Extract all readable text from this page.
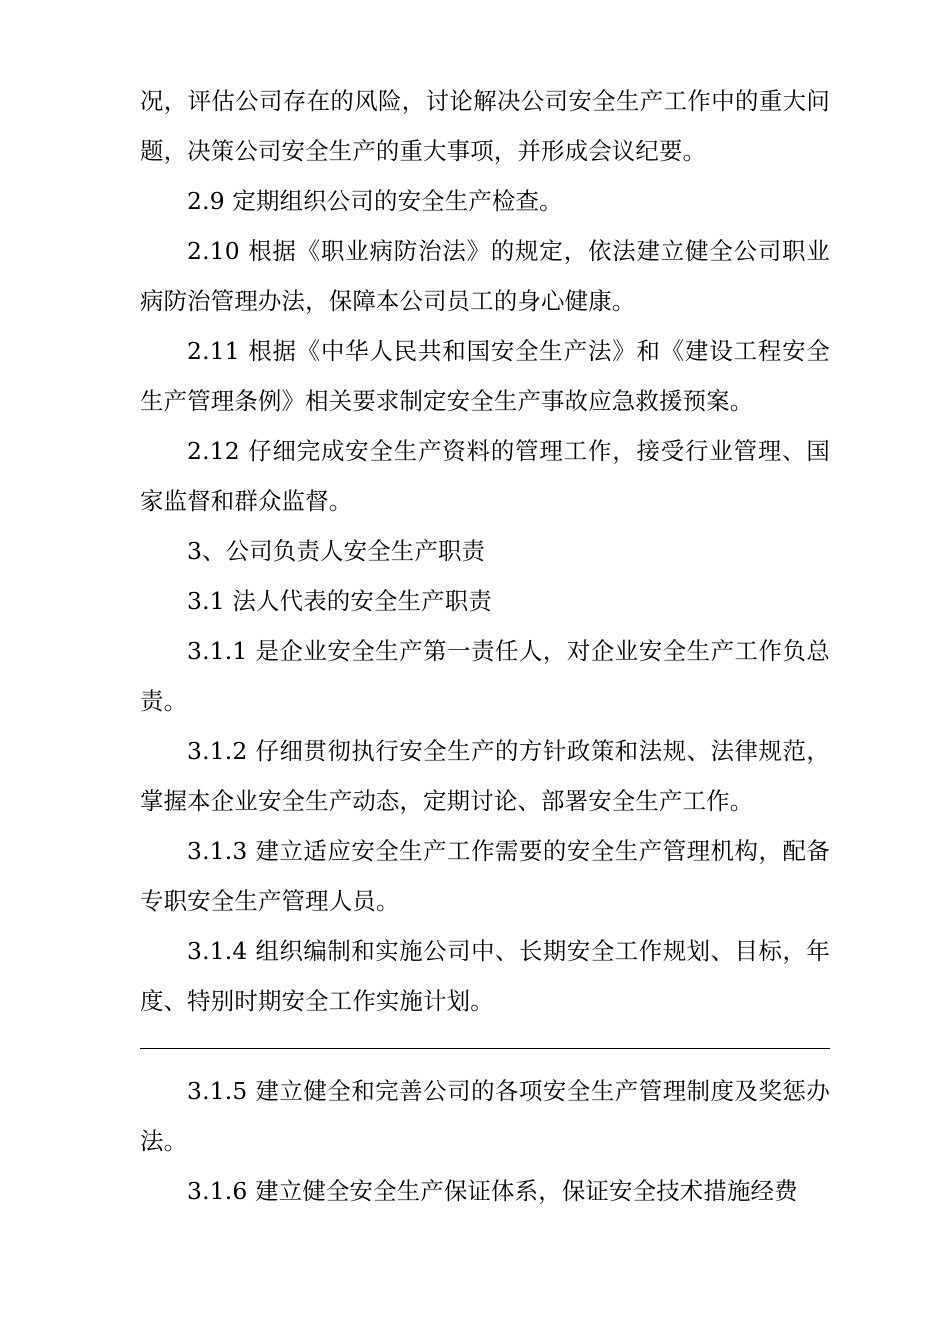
况，评估公司存在的风险，讨论解决公司安全生产工作中的重大问题，决策公司安全生产的重大事项，并形成会议纪要。

2.9 定期组织公司的安全生产检查。

2.10 根据《职业病防治法》的规定，依法建立健全公司职业病防治管理办法，保障本公司员工的身心健康。

2.11 根据《中华人民共和国安全生产法》和《建设工程安全生产管理条例》相关要求制定安全生产事故应急救援预案。

2.12 仔细完成安全生产资料的管理工作，接受行业管理、国家监督和群众监督。

3、公司负责人安全生产职责

3.1 法人代表的安全生产职责

3.1.1 是企业安全生产第一责任人，对企业安全生产工作负总责。

3.1.2 仔细贯彻执行安全生产的方针政策和法规、法律规范，掌握本企业安全生产动态，定期讨论、部署安全生产工作。

3.1.3 建立适应安全生产工作需要的安全生产管理机构，配备专职安全生产管理人员。

3.1.4 组织编制和实施公司中、长期安全工作规划、目标，年度、特别时期安全工作实施计划。

3.1.5 建立健全和完善公司的各项安全生产管理制度及奖惩办法。

3.1.6 建立健全安全生产保证体系，保证安全技术措施经费
